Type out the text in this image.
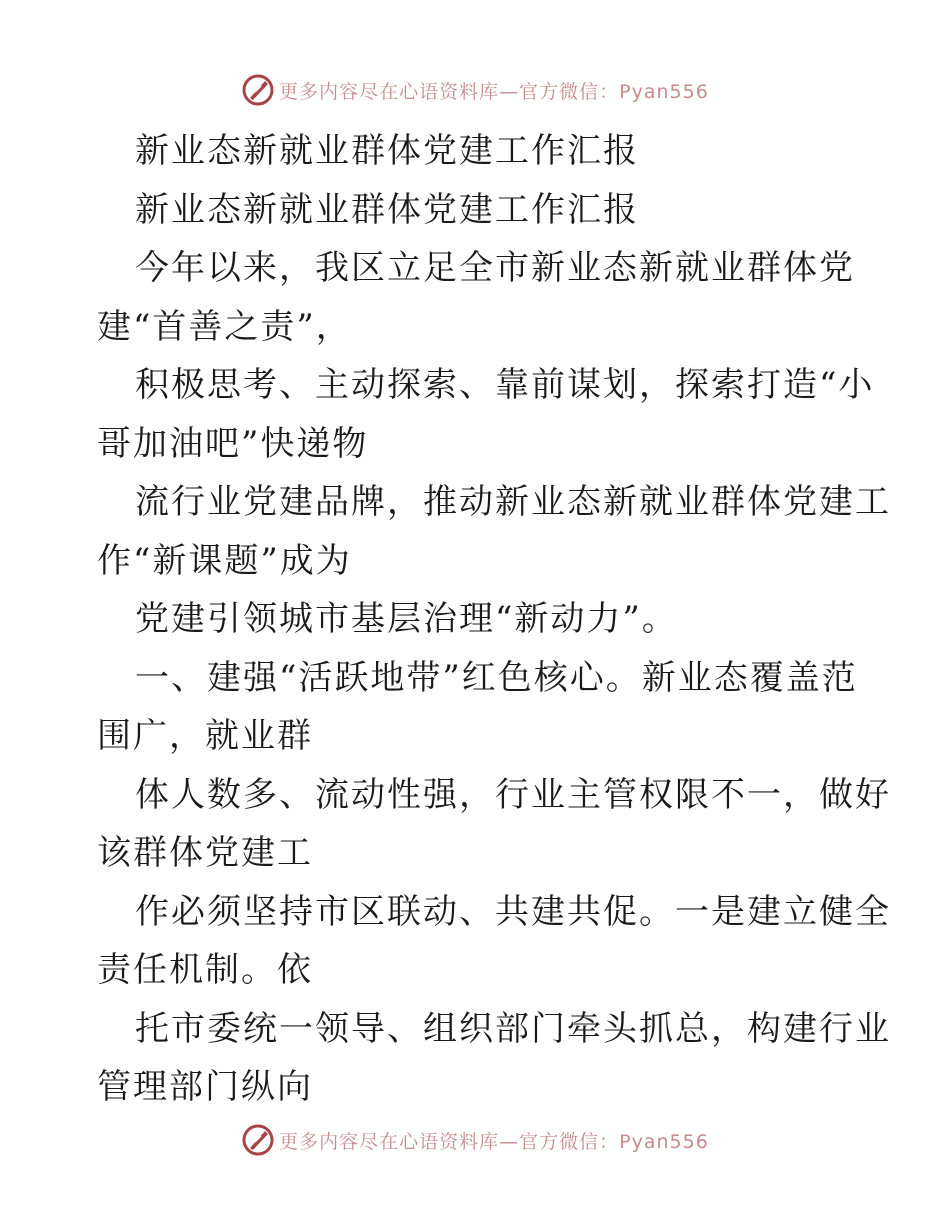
更多内容尽在心语资料库—官方微信：Pyan556

新业态新就业群体党建工作汇报

新业态新就业群体党建工作汇报

今年以来，我区立足全市新业态新就业群体党

建“首善之责”，

积极思考、主动探索、靠前谋划，探索打造“小

哥加油吧”快递物

流行业党建品牌，推动新业态新就业群体党建工

作“新课题”成为

党建引领城市基层治理“新动力”。

一、建强“活跃地带”红色核心。新业态覆盖范

围广，就业群

体人数多、流动性强，行业主管权限不一，做好

该群体党建工

作必须坚持市区联动、共建共促。一是建立健全

责任机制。依

托市委统一领导、组织部门牵头抓总，构建行业

管理部门纵向

更多内容尽在心语资料库—官方微信：Pyan556
